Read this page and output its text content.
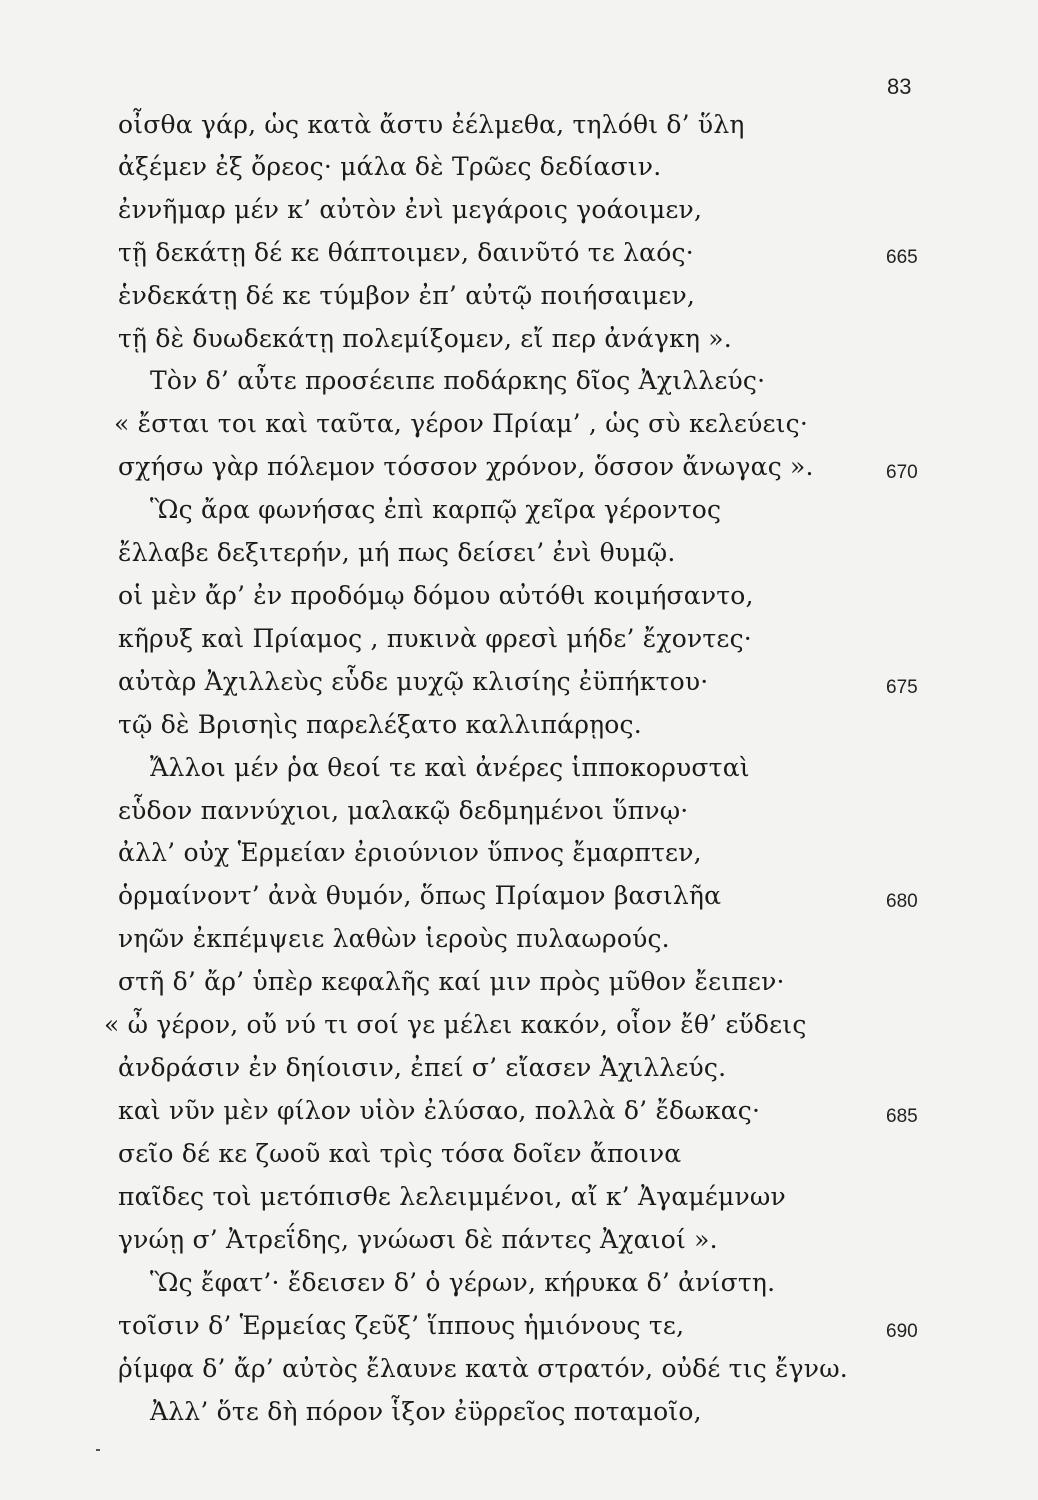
83
οἶσθα γάρ, ὡς κατὰ ἄστυ ἐέλμεθα, τηλόθι δ’ ὕλη
ἀξέμεν ἐξ ὄρεος· μάλα δὲ Τρῶες δεδίασιν.
ἐννῆμαρ μέν κ’ αὐτὸν ἐνὶ μεγάροις γοάοιμεν,
τῇ δεκάτῃ δέ κε θάπτοιμεν, δαινῦτό τε λαός·
ἑνδεκάτῃ δέ κε τύμβον ἐπ’ αὐτῷ ποιήσαιμεν,
τῇ δὲ δυωδεκάτῃ πολεμίξομεν, εἴ περ ἀνάγκη ».
Τὸν δ’ αὖτε προσέειπε ποδάρκης δῖος Ἀχιλλεύς·
« ἔσται τοι καὶ ταῦτα, γέρον Πρίαμ’ , ὡς σὺ κελεύεις·
σχήσω γὰρ πόλεμον τόσσον χρόνον, ὅσσον ἄνωγας ».
Ὣς ἄρα φωνήσας ἐπὶ καρπῷ χεῖρα γέροντος
ἔλλαβε δεξιτερήν, μή πως δείσει’ ἐνὶ θυμῷ.
οἱ μὲν ἄρ’ ἐν προδόμῳ δόμου αὐτόθι κοιμήσαντο,
κῆρυξ καὶ Πρίαμος , πυκινὰ φρεσὶ μήδε’ ἔχοντες·
αὐτὰρ Ἀχιλλεὺς εὗδε μυχῷ κλισίης ἐϋπήκτου·
τῷ δὲ Βρισηὶς παρελέξατο καλλιπάρῃος.
Ἄλλοι μέν ῥα θεοί τε καὶ ἀνέρες ἱπποκορυσταὶ
εὗδον παννύχιοι, μαλακῷ δεδμημένοι ὕπνῳ·
ἀλλ’ οὐχ Ἑρμείαν ἐριούνιον ὕπνος ἔμαρπτεν,
ὁρμαίνοντ’ ἀνὰ θυμόν, ὅπως Πρίαμον βασιλῆα
νηῶν ἐκπέμψειε λαθὼν ἱεροὺς πυλαωρούς.
στῆ δ’ ἄρ’ ὑπὲρ κεφαλῆς καί μιν πρὸς μῦθον ἔειπεν·
« ὦ γέρον, οὔ νύ τι σοί γε μέλει κακόν, οἷον ἔθ’ εὕδεις
ἀνδράσιν ἐν δηίοισιν, ἐπεί σ’ εἴασεν Ἀχιλλεύς.
καὶ νῦν μὲν φίλον υἱὸν ἐλύσαο, πολλὰ δ’ ἔδωκας·
σεῖο δέ κε ζωοῦ καὶ τρὶς τόσα δοῖεν ἄποινα
παῖδες τοὶ μετόπισθε λελειμμένοι, αἴ κ’ Ἀγαμέμνων
γνώῃ σ’ Ἀτρεΐδης, γνώωσι δὲ πάντες Ἀχαιοί ».
Ὣς ἔφατ’· ἔδεισεν δ’ ὁ γέρων, κήρυκα δ’ ἀνίστη.
τοῖσιν δ’ Ἑρμείας ζεῦξ’ ἵππους ἡμιόνους τε,
ῥίμφα δ’ ἄρ’ αὐτὸς ἔλαυνε κατὰ στρατόν, οὐδέ τις ἔγνω.
Ἀλλ’ ὅτε δὴ πόρον ἷξον ἐϋρρεῖος ποταμοῖο,
665
670
675
680
685
690
